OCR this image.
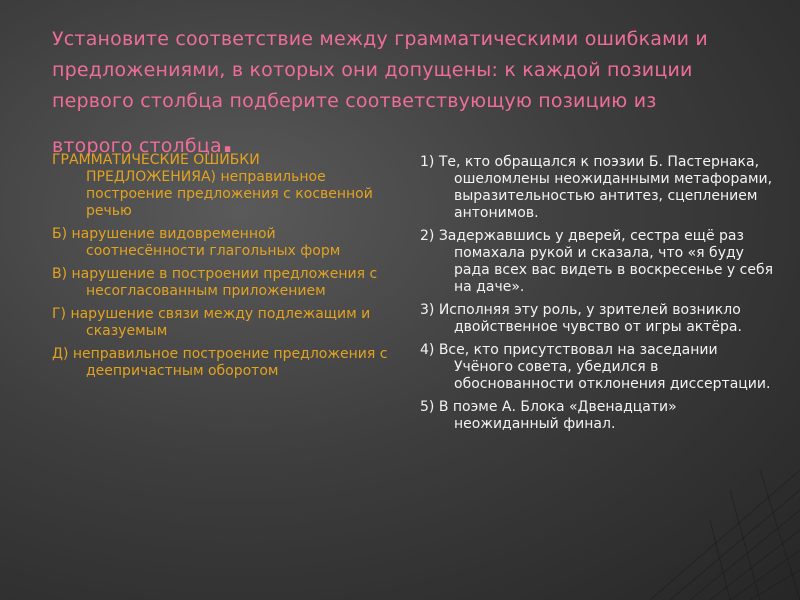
Установите соответствие между грамматическими ошибками и предложениями, в которых они допущены: к каждой позиции первого столбца подберите соответствующую позицию из
второго столбца.
ГРАММАТИЧЕСКИЕ ОШИБКИ ПРЕДЛОЖЕНИЯА) неправильное построение предложения с косвенной речью
Б) нарушение видовременной соотнесённости глагольных форм
В) нарушение в построении предложения с несогласованным приложением
Г) нарушение связи между подлежащим и сказуемым
Д) неправильное построение предложения с деепричастным оборотом
1) Те, кто обращался к поэзии Б. Пастернака, ошеломлены неожиданными метафорами, выразительностью антитез, сцеплением антонимов.
2) Задержавшись у дверей, сестра ещё раз помахала рукой и сказала, что «я буду рада всех вас видеть в воскресенье у себя на даче».
3) Исполняя эту роль, у зрителей возникло двойственное чувство от игры актёра.
4) Все, кто присутствовал на заседании Учёного совета, убедился в обоснованности отклонения диссертации.
5) В поэме А. Блока «Двенадцати» неожиданный финал.
